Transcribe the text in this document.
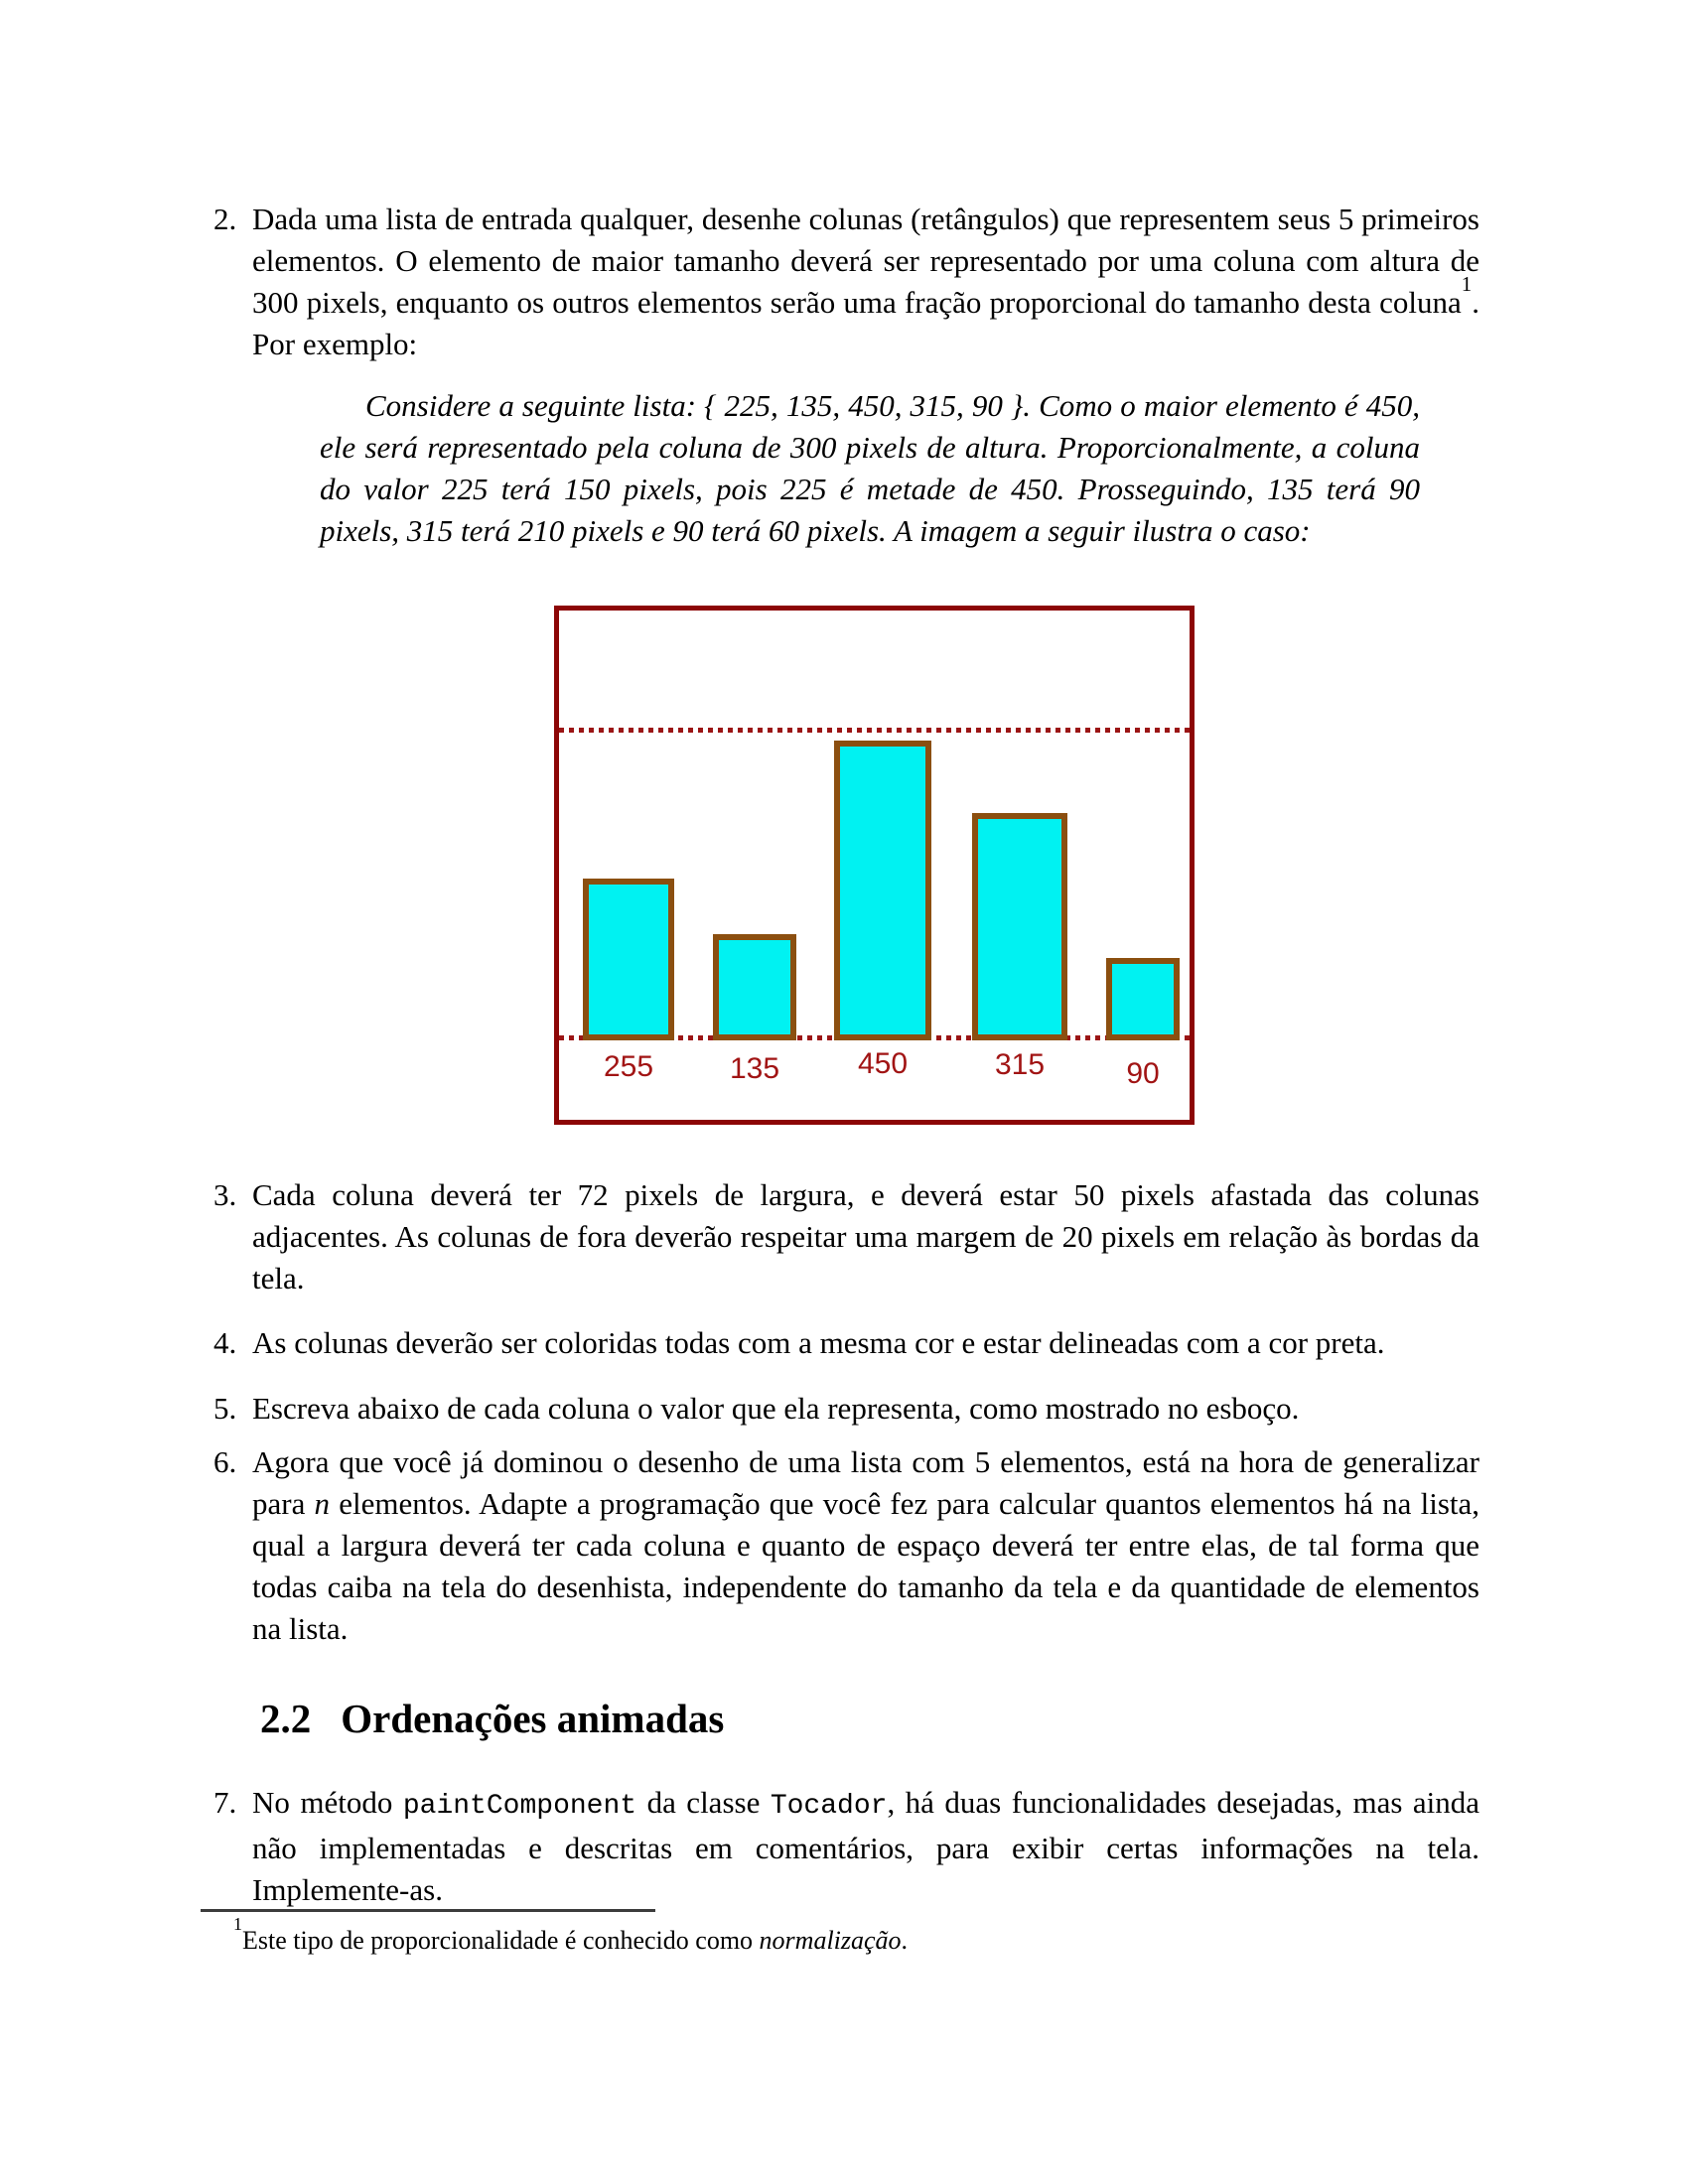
2. Dada uma lista de entrada qualquer, desenhe colunas (retângulos) que representem seus 5 primeiros elementos. O elemento de maior tamanho deverá ser representado por uma coluna com altura de 300 pixels, enquanto os outros elementos serão uma fração proporcional do tamanho desta coluna$^1$. Por exemplo:
Considere a seguinte lista: { 225, 135, 450, 315, 90 }. Como o maior elemento é 450, ele será representado pela coluna de 300 pixels de altura. Proporcionalmente, a coluna do valor 225 terá 150 pixels, pois 225 é metade de 450. Prosseguindo, 135 terá 90 pixels, 315 terá 210 pixels e 90 terá 60 pixels. A imagem a seguir ilustra o caso:
255	135	450	315	90
3. Cada coluna deverá ter 72 pixels de largura, e deverá estar 50 pixels afastada das colunas adjacentes. As colunas de fora deverão respeitar uma margem de 20 pixels em relação às bordas da tela.
4. As colunas deverão ser coloridas todas com a mesma cor e estar delineadas com a cor preta.
5. Escreva abaixo de cada coluna o valor que ela representa, como mostrado no esboço.
6. Agora que você já dominou o desenho de uma lista com 5 elementos, está na hora de generalizar para n elementos. Adapte a programação que você fez para calcular quantos elementos há na lista, qual a largura deverá ter cada coluna e quanto de espaço deverá ter entre elas, de tal forma que todas caiba na tela do desenhista, independente do tamanho da tela e da quantidade de elementos na lista.
2.2 Ordenações animadas
7. No método paintComponent da classe Tocador, há duas funcionalidades desejadas, mas ainda não implementadas e descritas em comentários, para exibir certas informações na tela. Implemente-as.
$^1$Este tipo de proporcionalidade é conhecido como normalização.
